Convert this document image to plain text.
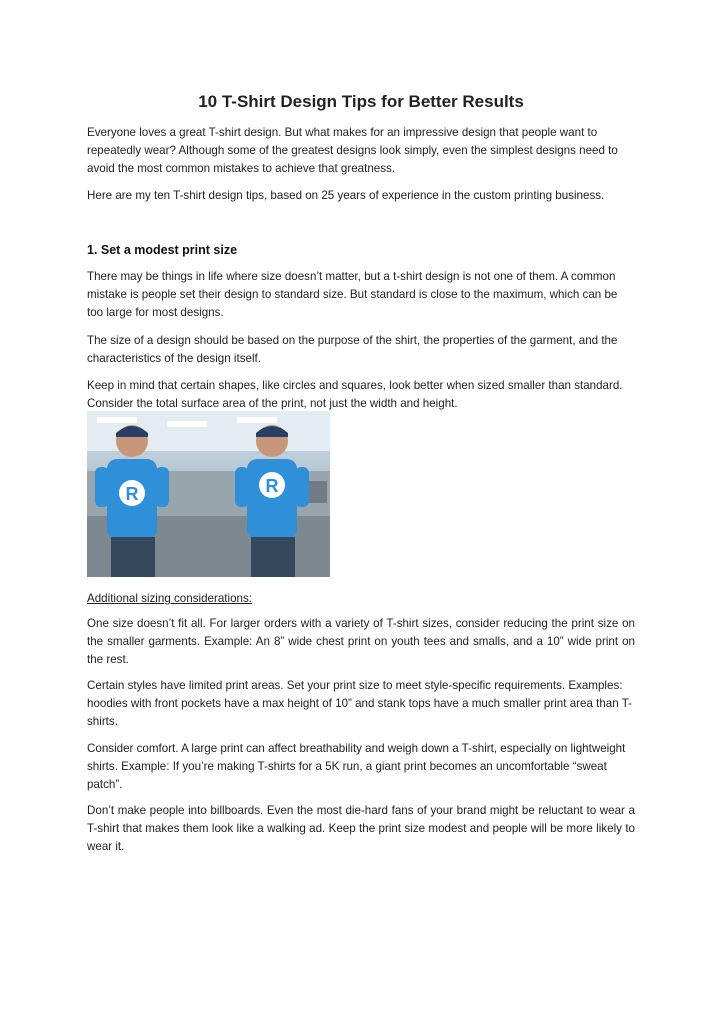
10 T-Shirt Design Tips for Better Results

Everyone loves a great T-shirt design. But what makes for an impressive design that people want to repeatedly wear? Although some of the greatest designs look simply, even the simplest designs need to avoid the most common mistakes to achieve that greatness.

Here are my ten T-shirt design tips, based on 25 years of experience in the custom printing business.

1. Set a modest print size

There may be things in life where size doesn’t matter, but a t-shirt design is not one of them. A common mistake is people set their design to standard size. But standard is close to the maximum, which can be too large for most designs.

The size of a design should be based on the purpose of the shirt, the properties of the garment, and the characteristics of the design itself.

Keep in mind that certain shapes, like circles and squares, look better when sized smaller than standard. Consider the total surface area of the print, not just the width and height.

R	R

Additional sizing considerations:

One size doesn’t fit all. For larger orders with a variety of T-shirt sizes, consider reducing the print size on the smaller garments. Example: An 8” wide chest print on youth tees and smalls, and a 10” wide print on the rest.

Certain styles have limited print areas. Set your print size to meet style-specific requirements. Examples: hoodies with front pockets have a max height of 10” and stank tops have a much smaller print area than T-shirts.

Consider comfort. A large print can affect breathability and weigh down a T-shirt, especially on lightweight shirts. Example: If you’re making T-shirts for a 5K run, a giant print becomes an uncomfortable “sweat patch”.

Don’t make people into billboards. Even the most die-hard fans of your brand might be reluctant to wear a T-shirt that makes them look like a walking ad. Keep the print size modest and people will be more likely to wear it.
